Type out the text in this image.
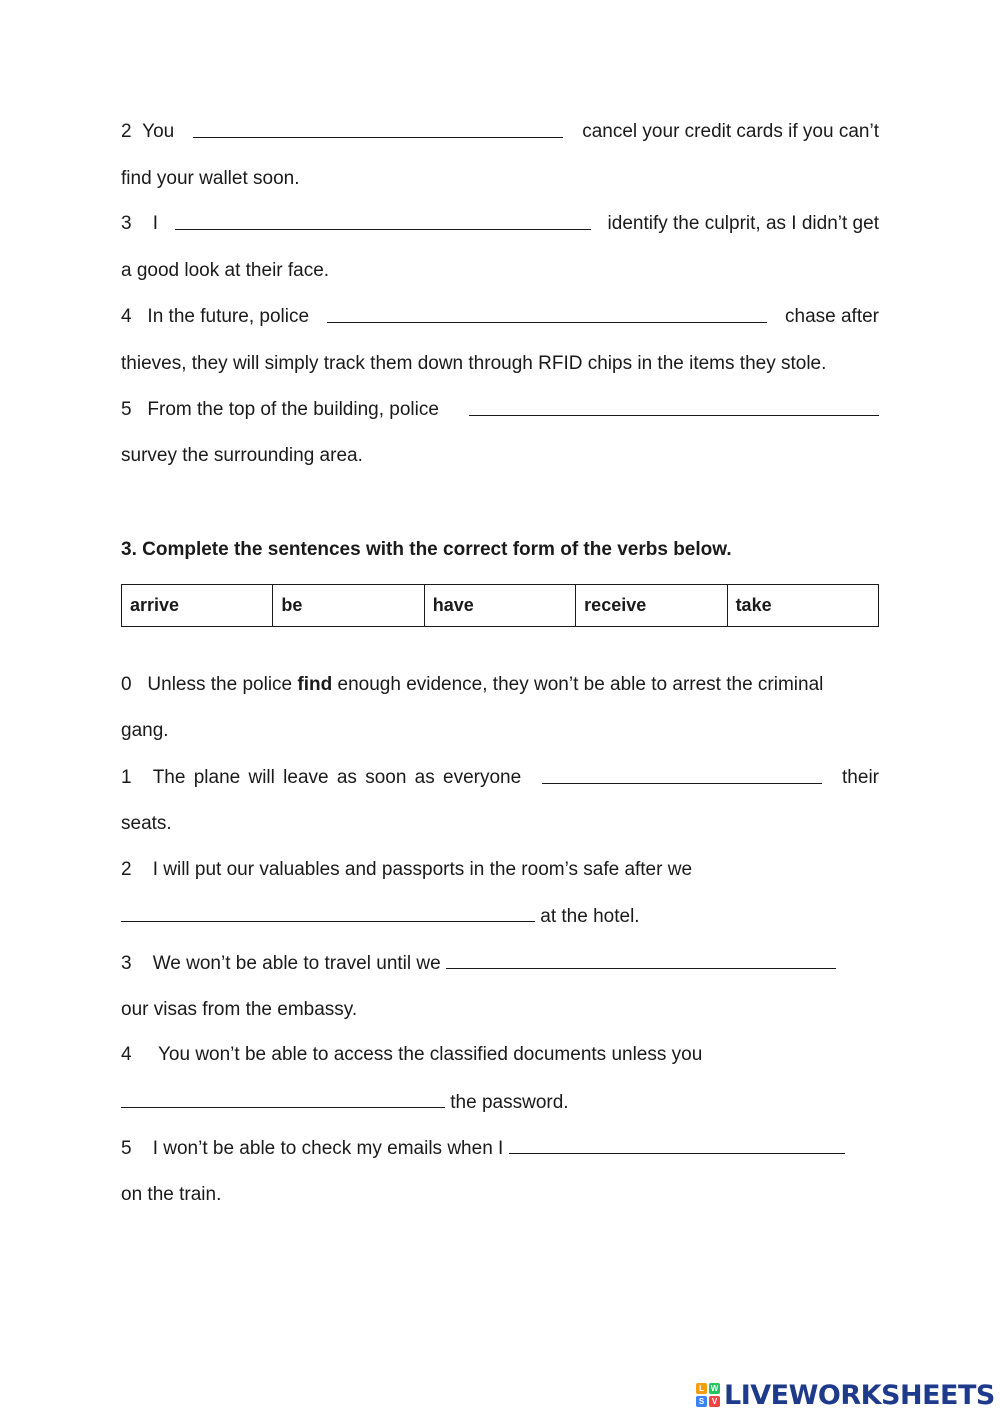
2 You	cancel your credit cards if you can’t
find your wallet soon.
3 I	identify the culprit, as I didn’t get
a good look at their face.
4 In the future, police	chase after
thieves, they will simply track them down through RFID chips in the items they stole.
5 From the top of the building, police
survey the surrounding area.
3. Complete the sentences with the correct form of the verbs below.
arrive	be	have	receive	take
0 Unless the police find enough evidence, they won’t be able to arrest the criminal
gang.
1 The plane will leave as soon as everyone	their
seats.
2 I will put our valuables and passports in the room’s safe after we
at the hotel.
3 We won’t be able to travel until we
our visas from the embassy.
4 You won’t be able to access the classified documents unless you
the password.
5 I won’t be able to check my emails when I
on the train.
L W
S V LIVEWORKSHEETS
